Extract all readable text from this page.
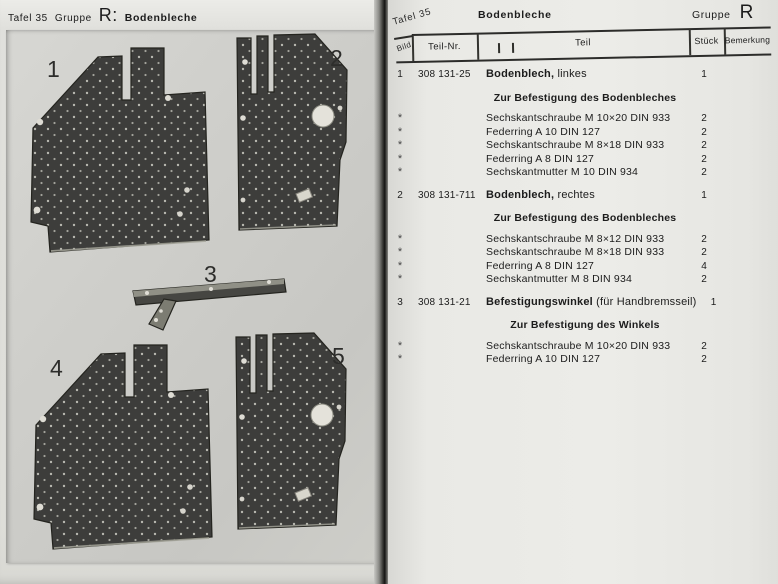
Tafel 35 Gruppe R: Bodenbleche
1	2
3
4	5
Tafel 35	Bodenbleche	Gruppe R
Bild	Teil-Nr.	Teil	Stück Bemerkung
1	308 131-25	Bodenblech, linkes	1
Zur Befestigung des Bodenbleches
*	Sechskantschraube M 10×20 DIN 933	2
*	Federring A 10 DIN 127	2
*	Sechskantschraube M 8×18 DIN 933	2
*	Federring A 8 DIN 127	2
*	Sechskantmutter M 10 DIN 934	2
2	308 131-711 Bodenblech, rechtes	1
Zur Befestigung des Bodenbleches
*	Sechskantschraube M 8×12 DIN 933	2
*	Sechskantschraube M 8×18 DIN 933	2
*	Federring A 8 DIN 127	4
*	Sechskantmutter M 8 DIN 934	2
3	308 131-21	Befestigungswinkel (für Handbremsseil)	1
Zur Befestigung des Winkels
*	Sechskantschraube M 10×20 DIN 933	2
*	Federring A 10 DIN 127	2
